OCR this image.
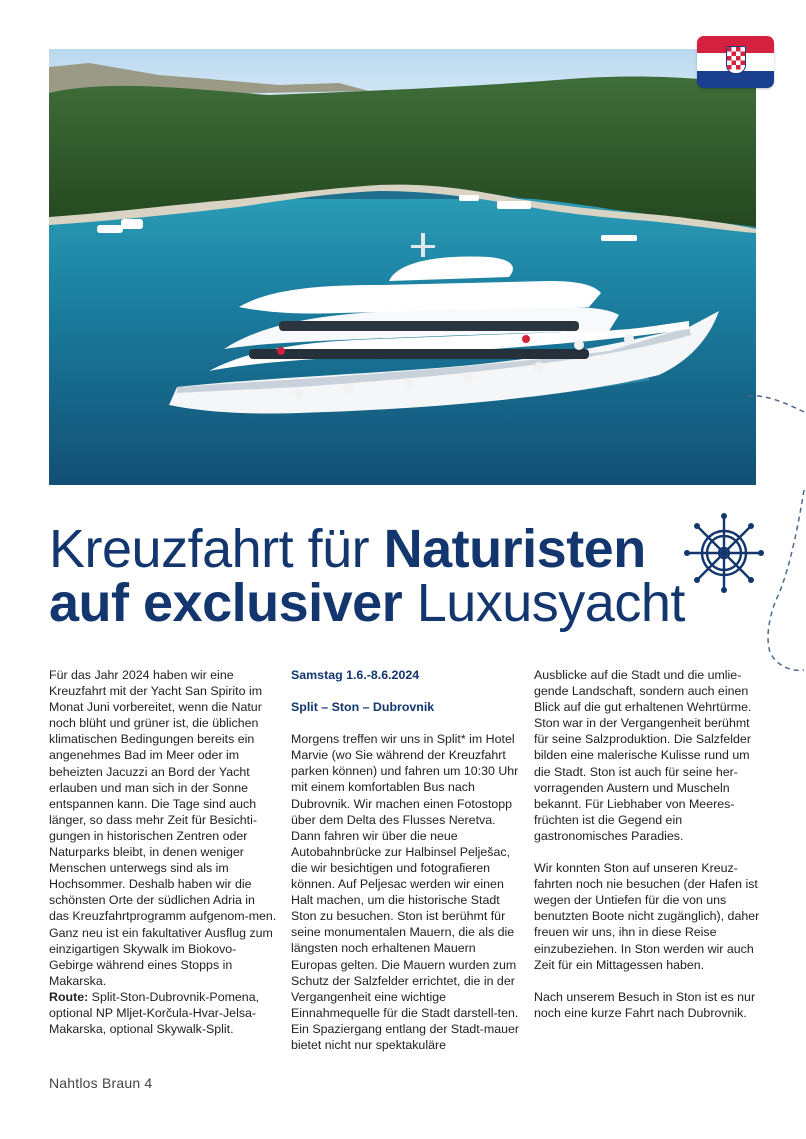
Kreuzfahrt für Naturisten
auf exclusiver Luxusyacht

Für das Jahr 2024 haben wir eine Kreuzfahrt mit der Yacht San Spirito im Monat Juni vorbereitet, wenn die Natur noch blüht und grüner ist, die üblichen klimatischen Bedingungen bereits ein angenehmes Bad im Meer oder im beheizten Jacuzzi an Bord der Yacht erlauben und man sich in der Sonne entspannen kann. Die Tage sind auch länger, so dass mehr Zeit für Besichti-gungen in historischen Zentren oder Naturparks bleibt, in denen weniger Menschen unterwegs sind als im Hochsommer. Deshalb haben wir die schönsten Orte der südlichen Adria in das Kreuzfahrtprogramm aufgenom-men. Ganz neu ist ein fakultativer Ausflug zum einzigartigen Skywalk im Biokovo-Gebirge während eines Stopps in Makarska.

Route: Split-Ston-Dubrovnik-Pomena, optional NP Mljet-Korčula-Hvar-Jelsa-Makarska, optional Skywalk-Split.

Samstag 1.6.-8.6.2024

Split – Ston – Dubrovnik

Morgens treffen wir uns in Split* im Hotel Marvie (wo Sie während der Kreuzfahrt parken können) und fahren um 10:30 Uhr mit einem komfortablen Bus nach Dubrovnik. Wir machen einen Fotostopp über dem Delta des Flusses Neretva. Dann fahren wir über die neue Autobahnbrücke zur Halbinsel Pelješac, die wir besichtigen und fotografieren können. Auf Peljesac werden wir einen Halt machen, um die historische Stadt Ston zu besuchen. Ston ist berühmt für seine monumentalen Mauern, die als die längsten noch erhaltenen Mauern Europas gelten. Die Mauern wurden zum Schutz der Salzfelder errichtet, die in der Vergangenheit eine wichtige Einnahmequelle für die Stadt darstell-ten. Ein Spaziergang entlang der Stadt-mauer bietet nicht nur spektakuläre

Ausblicke auf die Stadt und die umlie-gende Landschaft, sondern auch einen Blick auf die gut erhaltenen Wehrtürme. Ston war in der Vergangenheit berühmt für seine Salzproduktion. Die Salzfelder bilden eine malerische Kulisse rund um die Stadt. Ston ist auch für seine her-vorragenden Austern und Muscheln bekannt. Für Liebhaber von Meeres-früchten ist die Gegend ein gastronomisches Paradies.

Wir konnten Ston auf unseren Kreuz-fahrten noch nie besuchen (der Hafen ist wegen der Untiefen für die von uns benutzten Boote nicht zugänglich), daher freuen wir uns, ihn in diese Reise einzubeziehen. In Ston werden wir auch Zeit für ein Mittagessen haben.

Nach unserem Besuch in Ston ist es nur noch eine kurze Fahrt nach Dubrovnik.

Nahtlos Braun 4
